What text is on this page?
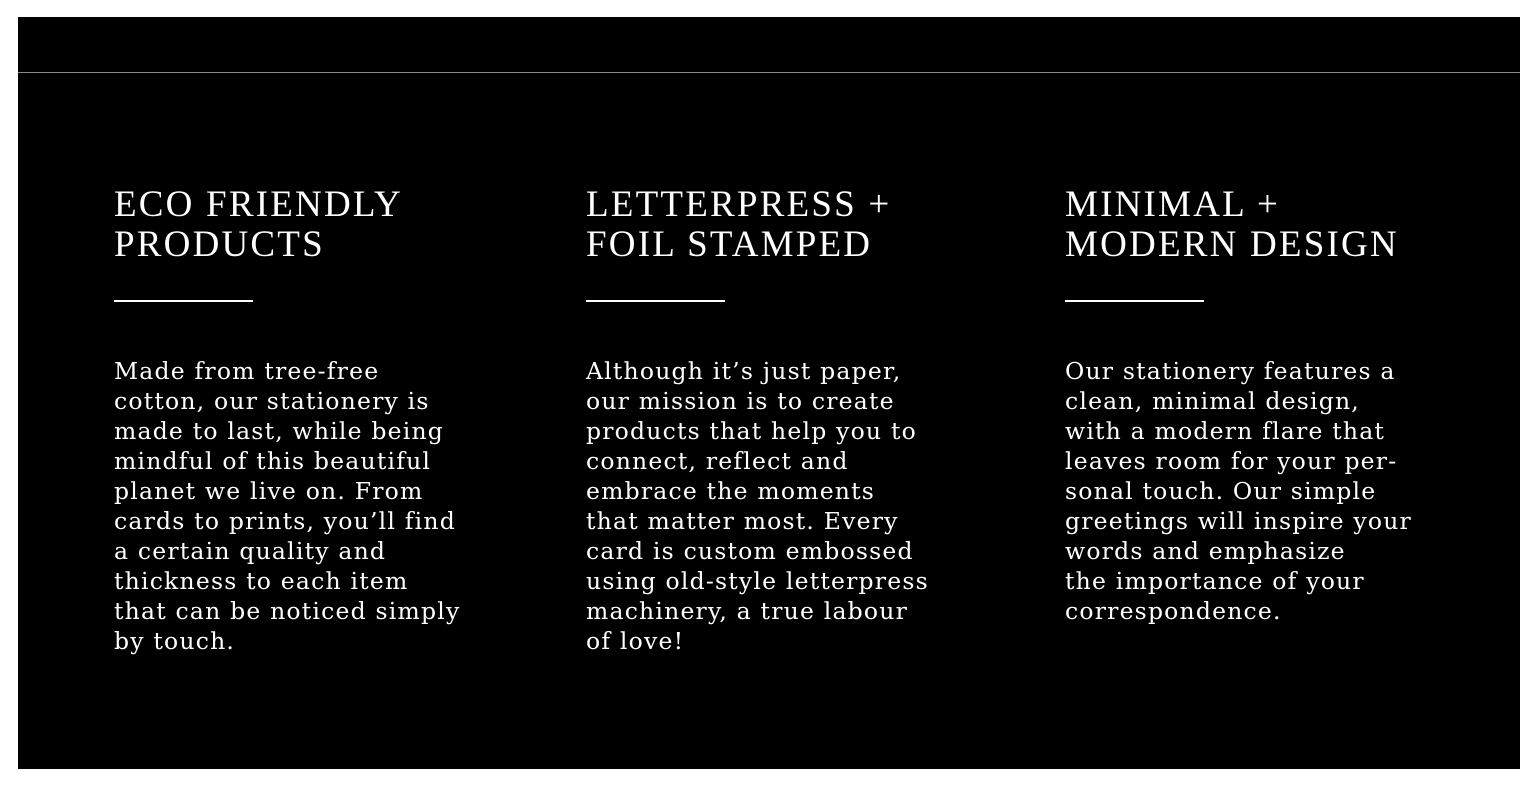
ECO FRIENDLY
PRODUCTS

Made from tree-free
cotton, our stationery is
made to last, while being
mindful of this beautiful
planet we live on. From
cards to prints, you’ll find
a certain quality and
thickness to each item
that can be noticed simply
by touch.

LETTERPRESS +
FOIL STAMPED

Although it’s just paper,
our mission is to create
products that help you to
connect, reflect and
embrace the moments
that matter most. Every
card is custom embossed
using old-style letterpress
machinery, a true labour
of love!

MINIMAL +
MODERN DESIGN

Our stationery features a
clean, minimal design,
with a modern flare that
leaves room for your per-
sonal touch. Our simple
greetings will inspire your
words and emphasize
the importance of your
correspondence.
